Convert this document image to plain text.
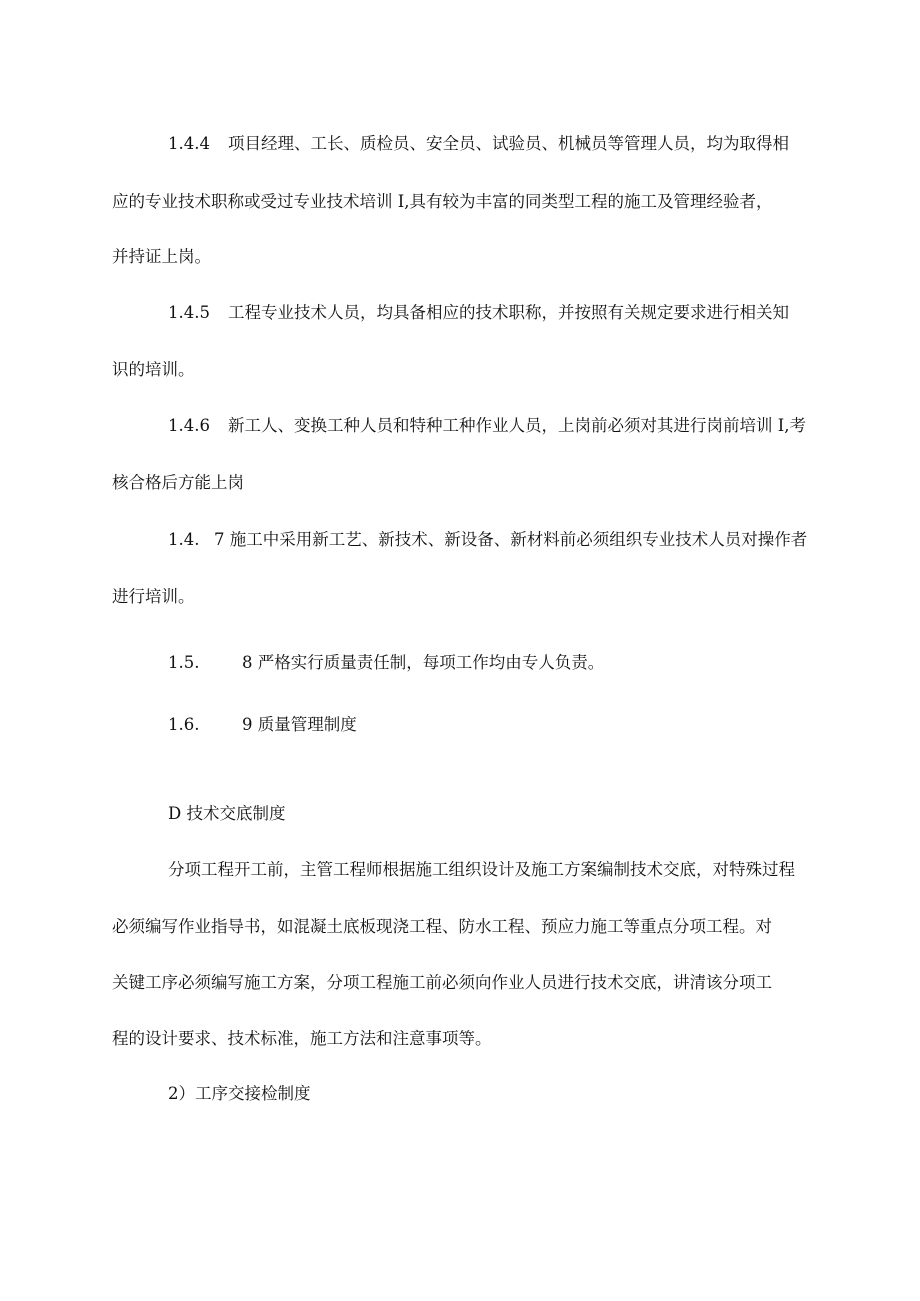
1.4.4 项目经理、工长、质检员、安全员、试验员、机械员等管理人员，均为取得相
应的专业技术职称或受过专业技术培训 I,具有较为丰富的同类型工程的施工及管理经验者，
并持证上岗。
1.4.5 工程专业技术人员，均具备相应的技术职称，并按照有关规定要求进行相关知
识的培训。
1.4.6 新工人、变换工种人员和特种工种作业人员，上岗前必须对其进行岗前培训 I,考
核合格后方能上岗
1.4. 7 施工中采用新工艺、新技术、新设备、新材料前必须组织专业技术人员对操作者
进行培训。
1.5.	8 严格实行质量责任制，每项工作均由专人负责。
1.6.	9 质量管理制度
D 技术交底制度
分项工程开工前，主管工程师根据施工组织设计及施工方案编制技术交底，对特殊过程
必须编写作业指导书，如混凝土底板现浇工程、防水工程、预应力施工等重点分项工程。对
关键工序必须编写施工方案，分项工程施工前必须向作业人员进行技术交底，讲清该分项工
程的设计要求、技术标准，施工方法和注意事项等。
2）工序交接检制度
